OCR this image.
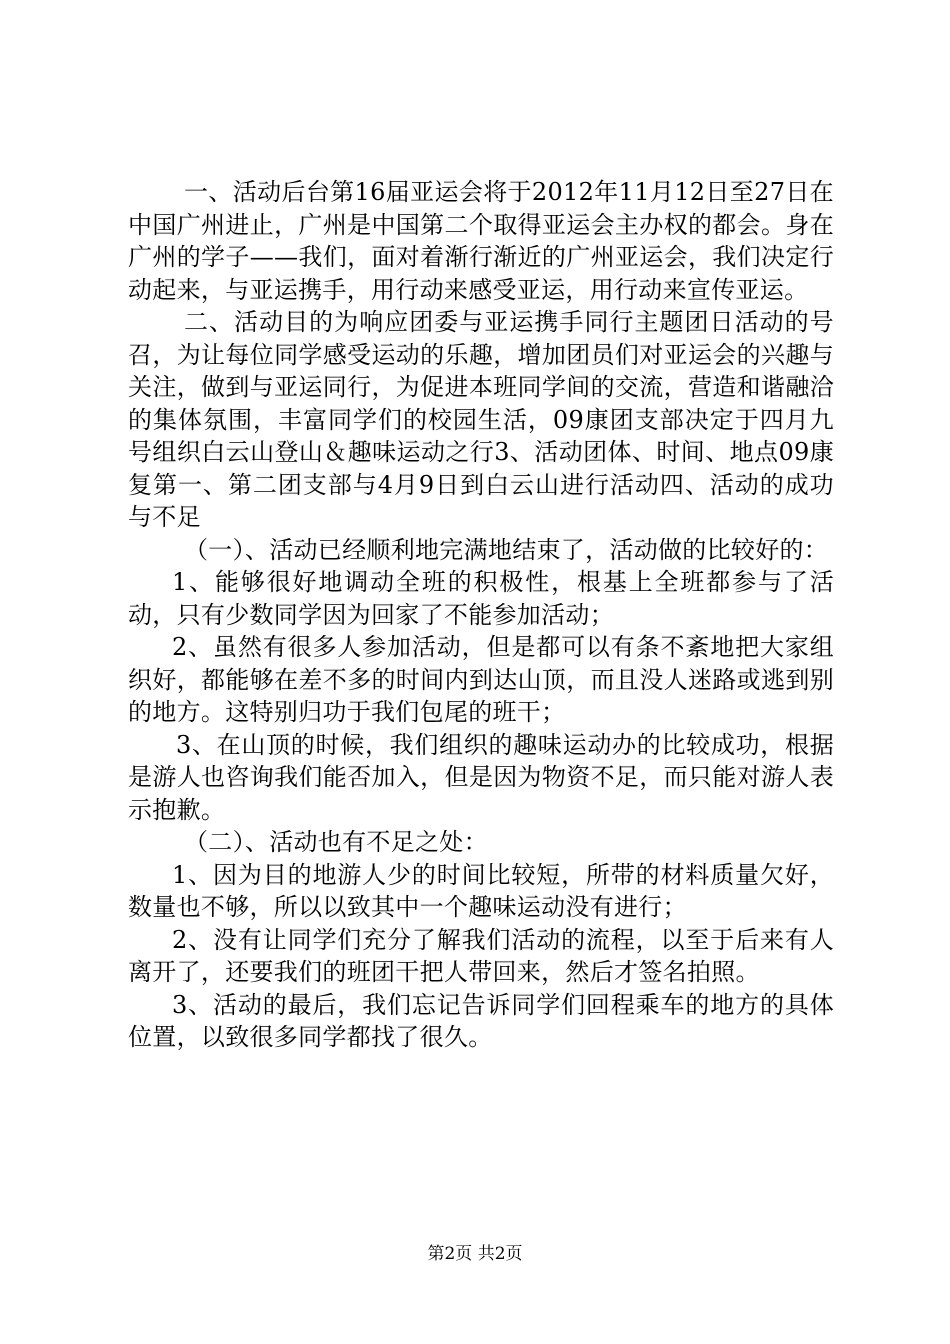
一、活动后台第16届亚运会将于2012年11月12日至27日在中国广州进止，广州是中国第二个取得亚运会主办权的都会。身在广州的学子——我们，面对着渐行渐近的广州亚运会，我们决定行动起来，与亚运携手，用行动来感受亚运，用行动来宣传亚运。

二、活动目的为响应团委与亚运携手同行主题团日活动的号召，为让每位同学感受运动的乐趣，增加团员们对亚运会的兴趣与关注，做到与亚运同行，为促进本班同学间的交流，营造和谐融洽的集体氛围，丰富同学们的校园生活，09康团支部决定于四月九号组织白云山登山＆趣味运动之行3、活动团体、时间、地点09康复第一、第二团支部与4月9日到白云山进行活动四、活动的成功与不足

（一）、活动已经顺利地完满地结束了，活动做的比较好的：

1、能够很好地调动全班的积极性，根基上全班都参与了活动，只有少数同学因为回家了不能参加活动；

2、虽然有很多人参加活动，但是都可以有条不紊地把大家组织好，都能够在差不多的时间内到达山顶，而且没人迷路或逃到别的地方。这特别归功于我们包尾的班干；

3、在山顶的时候，我们组织的趣味运动办的比较成功，根据是游人也咨询我们能否加入，但是因为物资不足，而只能对游人表示抱歉。

（二）、活动也有不足之处：

1、因为目的地游人少的时间比较短，所带的材料质量欠好，数量也不够，所以以致其中一个趣味运动没有进行；

2、没有让同学们充分了解我们活动的流程，以至于后来有人离开了，还要我们的班团干把人带回来，然后才签名拍照。

3、活动的最后，我们忘记告诉同学们回程乘车的地方的具体位置，以致很多同学都找了很久。

第2页 共2页
